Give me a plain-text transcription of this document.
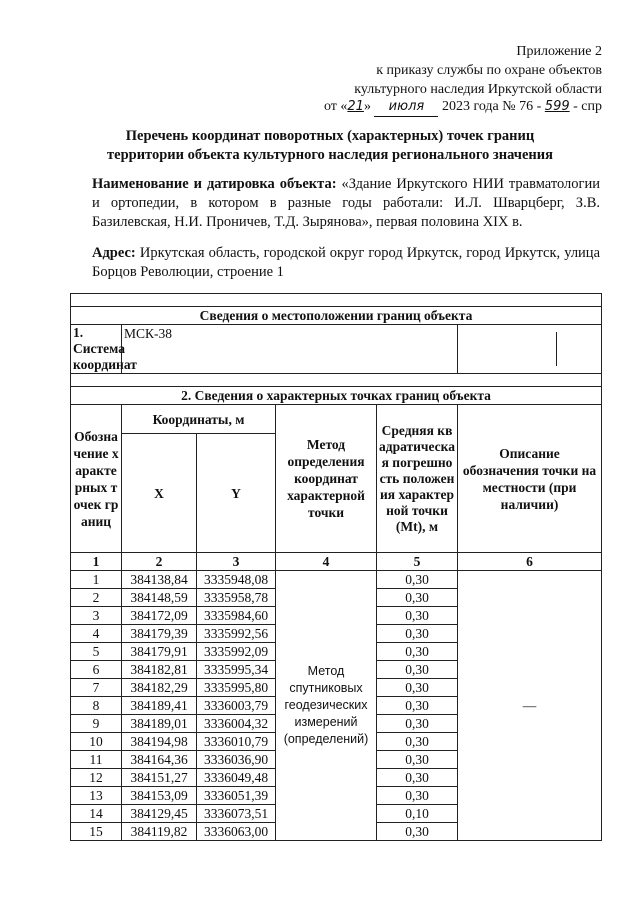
Приложение 2
к приказу службы по охране объектов
культурного наследия Иркутской области
от «21» июля 2023 года № 76 - 599 - спр
Перечень координат поворотных (характерных) точек границ
территории объекта культурного наследия регионального значения
Наименование и датировка объекта: «Здание Иркутского НИИ травматологии и ортопедии, в котором в разные годы работали: И.Л. Шварцберг, З.В. Базилевская, Н.И. Проничев, Т.Д. Зырянова», первая половина XIX в.
Адрес: Иркутская область, городской округ город Иркутск, город Иркутск, улица Борцов Революции, строение 1

Сведения о местоположении границ объекта					
1. Система координат	МСК-38				

2. Сведения о характерных точках границ объекта					
Обозначение характерных точек границ	Координаты, м		Метод определения координат характерной точки	Средняя квадратическая погрешность положения характерной точки (Mt), м	Описание обозначения точки на местности (при наличии)
	X	Y			
1	2	3	4	5	6
1	384138,84	3335948,08	Метод спутниковых геодезических измерений (определений)	0,30	—
2	384148,59	3335958,78		0,30	
3	384172,09	3335984,60		0,30	
4	384179,39	3335992,56		0,30	
5	384179,91	3335992,09		0,30	
6	384182,81	3335995,34		0,30	
7	384182,29	3335995,80		0,30	
8	384189,41	3336003,79		0,30	
9	384189,01	3336004,32		0,30	
10	384194,98	3336010,79		0,30	
11	384164,36	3336036,90		0,30	
12	384151,27	3336049,48		0,30	
13	384153,09	3336051,39		0,30	
14	384129,45	3336073,51		0,10	
15	384119,82	3336063,00		0,30	
